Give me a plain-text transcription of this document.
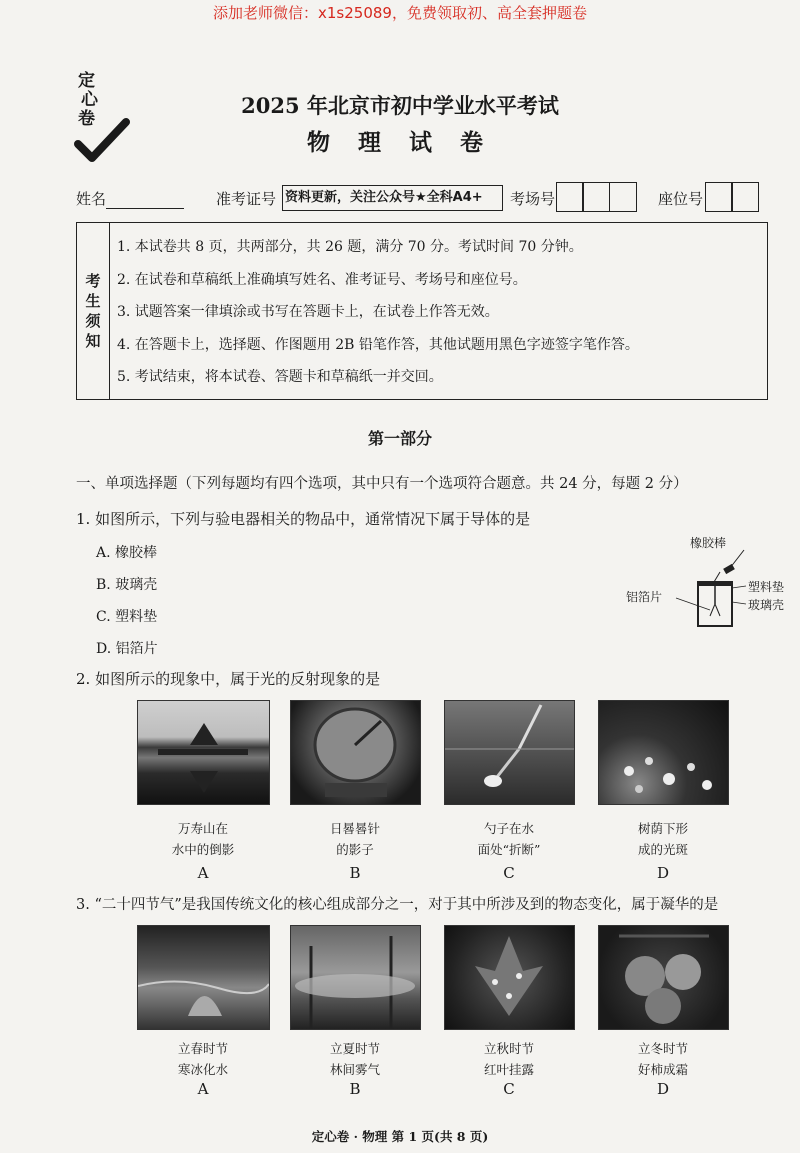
添加老师微信：x1s25089，免费领取初、高全套押题卷
定
心
卷
2025 年北京市初中学业水平考试
物 理 试 卷
姓名	准考证号 资料更新，关注公众号★全科A4+	考场号	座位号
考
生
须
知
1. 本试卷共 8 页，共两部分，共 26 题，满分 70 分。考试时间 70 分钟。
2. 在试卷和草稿纸上准确填写姓名、准考证号、考场号和座位号。
3. 试题答案一律填涂或书写在答题卡上，在试卷上作答无效。
4. 在答题卡上，选择题、作图题用 2B 铅笔作答，其他试题用黑色字迹签字笔作答。
5. 考试结束，将本试卷、答题卡和草稿纸一并交回。
第一部分
一、单项选择题（下列每题均有四个选项，其中只有一个选项符合题意。共 24 分，每题 2 分）
1. 如图所示，下列与验电器相关的物品中，通常情况下属于导体的是
A. 橡胶棒
B. 玻璃壳
C. 塑料垫
D. 铝箔片
橡胶棒
塑料垫
铝箔片
玻璃壳
2. 如图所示的现象中，属于光的反射现象的是
万寿山在
水中的倒影
日晷晷针
的影子
勺子在水
面处“折断”
树荫下形
成的光斑
A	B	C	D
3. “二十四节气”是我国传统文化的核心组成部分之一，对于其中所涉及到的物态变化，属于凝华的是
立春时节
寒冰化水
立夏时节
林间雾气
立秋时节
红叶挂露
立冬时节
好柿成霜
A	B	C	D
定心卷 · 物理 第 1 页(共 8 页)
